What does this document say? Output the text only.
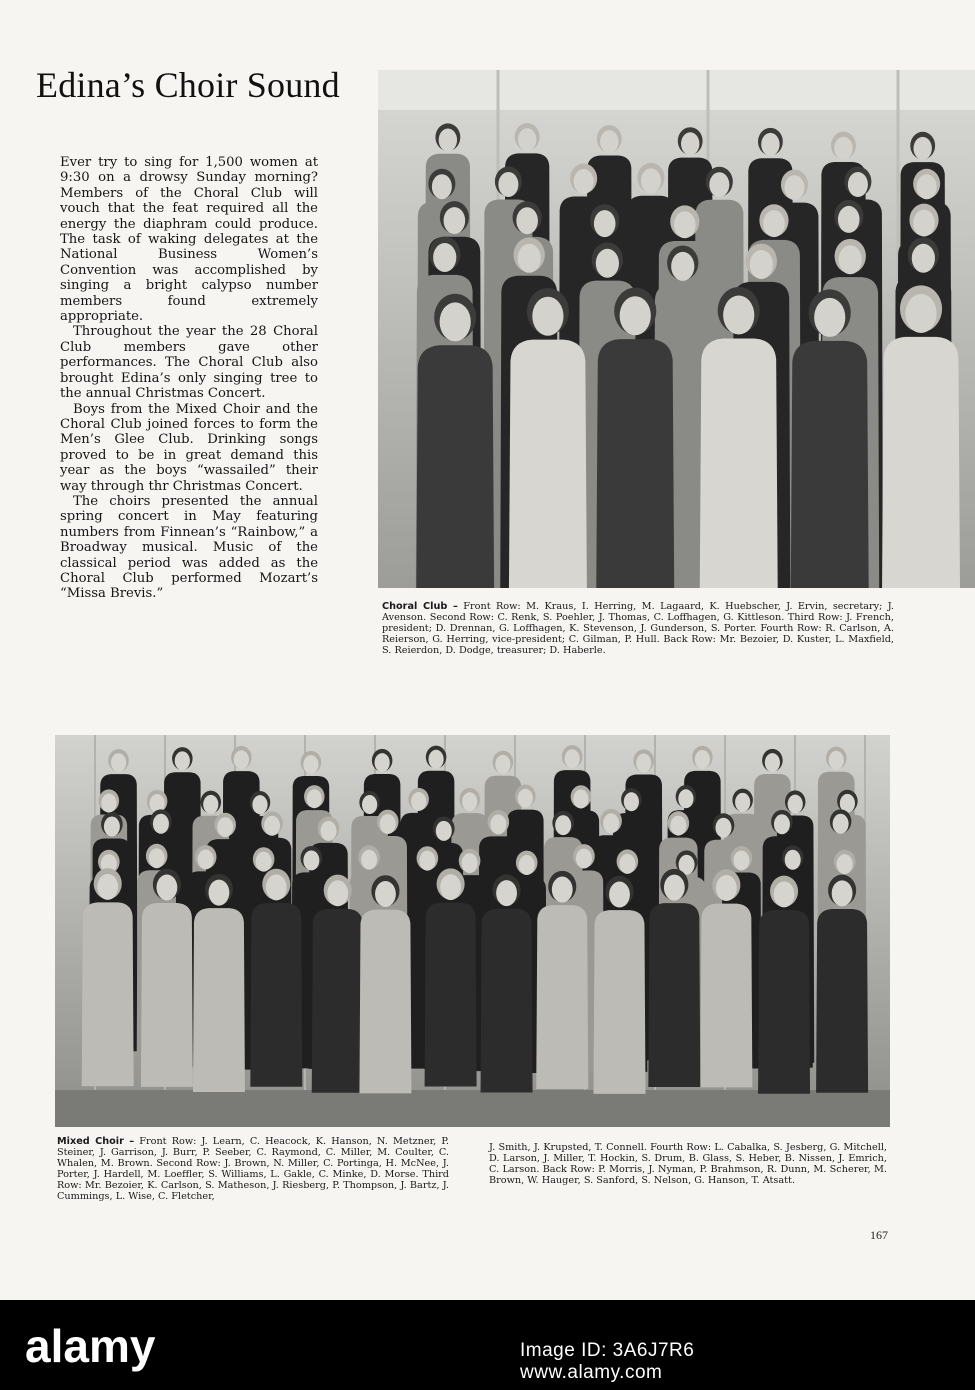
Edina’s Choir Sound

Ever try to sing for 1,500 women at 9:30 on a drowsy Sunday morning? Members of the Choral Club will vouch that the feat required all the energy the diaphram could produce. The task of waking delegates at the National Business Women’s Convention was accomplished by singing a bright calypso number members found extremely appropriate.

Throughout the year the 28 Choral Club members gave other performances. The Choral Club also brought Edina’s only singing tree to the annual Christmas Concert.

Boys from the Mixed Choir and the Choral Club joined forces to form the Men’s Glee Club. Drinking songs proved to be in great demand this year as the boys “wassailed” their way through thr Christmas Concert.

The choirs presented the annual spring concert in May featuring numbers from Finnean’s “Rainbow,” a Broadway musical. Music of the classical period was added as the Choral Club performed Mozart’s “Missa Brevis.”

Choral Club – Front Row: M. Kraus, I. Herring, M. Lagaard, K. Huebscher, J. Ervin, secretary; J. Avenson. Second Row: C. Renk, S. Poehler, J. Thomas, C. Loffhagen, G. Kittleson. Third Row: J. French, president; D. Drennan, G. Loffhagen, K. Stevenson, J. Gunderson, S. Porter. Fourth Row: R. Carlson, A. Reierson, G. Herring, vice-president; C. Gilman, P. Hull. Back Row: Mr. Bezoier, D. Kuster, L. Maxfield, S. Reierdon, D. Dodge, treasurer; D. Haberle.
Mixed Choir – Front Row: J. Learn, C. Heacock, K. Hanson, N. Metzner, P. Steiner, J. Garrison, J. Burr, P. Seeber, C. Raymond, C. Miller, M. Coulter, C. Whalen, M. Brown. Second Row: J. Brown, N. Miller, C. Portinga, H. McNee, J. Porter, J. Hardell, M. Loeffler, S. Williams, L. Gakle, C. Minke, D. Morse. Third Row: Mr. Bezoier, K. Carlson, S. Matheson, J. Riesberg, P. Thompson, J. Bartz, J. Cummings, L. Wise, C. Fletcher,
J. Smith, J. Krupsted, T. Connell. Fourth Row: L. Cabalka, S. Jesberg, G. Mitchell, D. Larson, J. Miller, T. Hockin, S. Drum, B. Glass, S. Heber, B. Nissen, J. Emrich, C. Larson. Back Row: P. Morris, J. Nyman, P. Brahmson, R. Dunn, M. Scherer, M. Brown, W. Hauger, S. Sanford, S. Nelson, G. Hanson, T. Atsatt.
167
alamy	Image ID: 3A6J7R6
www.alamy.com
